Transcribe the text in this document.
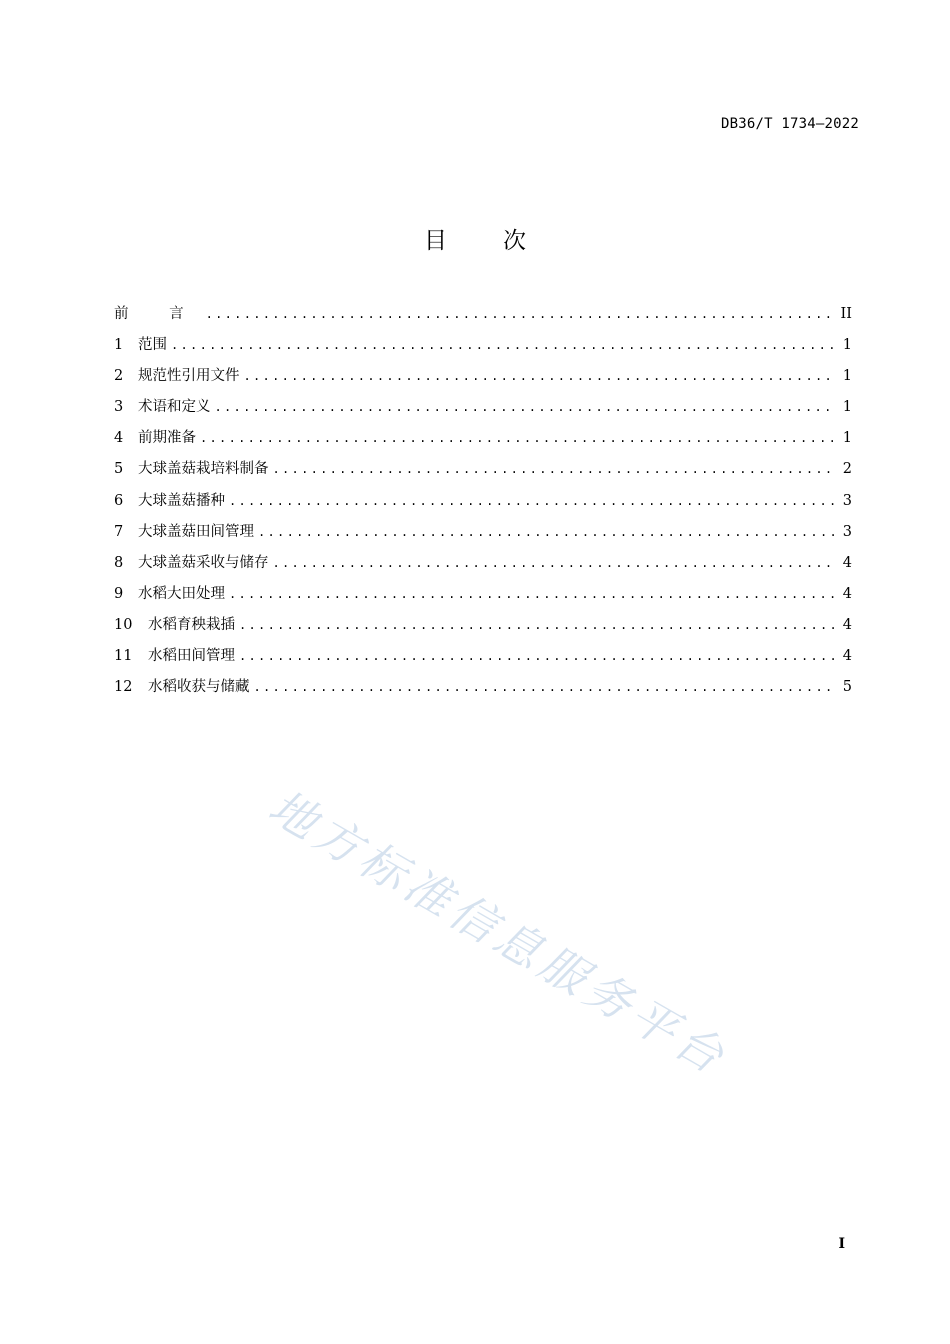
DB36/T 1734—2022
目 次
前 言 .....	II
1	范围 .....	1
2	规范性引用文件 .....	1
3	术语和定义 .....	1
4	前期准备 .....	1
5	大球盖菇栽培料制备 .....	2
6	大球盖菇播种 .....	3
7	大球盖菇田间管理 .....	3
8	大球盖菇采收与储存 .....	4
9	水稻大田处理 .....	4
10	水稻育秧栽插 .....	4
11	水稻田间管理 .....	4
12	水稻收获与储藏 .....	5
地方标准信息服务平台
I
